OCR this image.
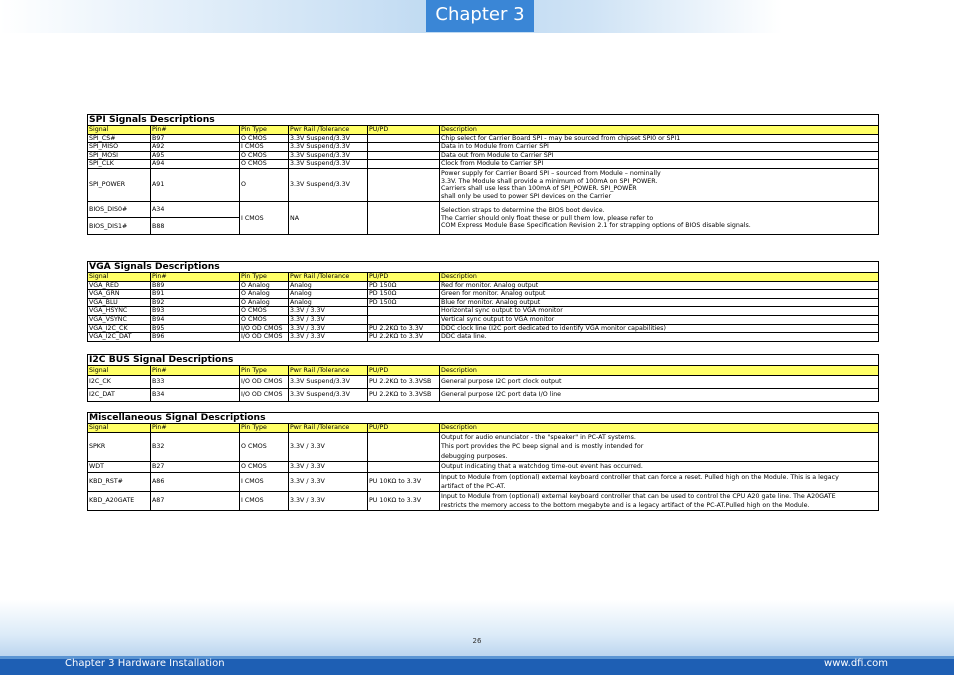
Chapter 3
SPI Signals Descriptions					
Signal	Pin#	Pin Type	Pwr Rail /Tolerance	PU/PD	Description
SPI_CS#	B97	O CMOS	3.3V Suspend/3.3V		Chip select for Carrier Board SPI - may be sourced from chipset SPI0 or SPI1
SPI_MISO	A92	I CMOS	3.3V Suspend/3.3V		Data in to Module from Carrier SPI
SPI_MOSI	A95	O CMOS	3.3V Suspend/3.3V		Data out from Module to Carrier SPI
SPI_CLK	A94	O CMOS	3.3V Suspend/3.3V		Clock from Module to Carrier SPI
SPI_POWER	A91	O	3.3V Suspend/3.3V		Power supply for Carrier Board SPI – sourced from Module – nominally
3.3V. The Module shall provide a minimum of 100mA on SPI_POWER.
Carriers shall use less than 100mA of SPI_POWER. SPI_POWER
shall only be used to power SPI devices on the Carrier

BIOS_DIS0#	A34	I CMOS	NA		Selection straps to determine the BIOS boot device.
The Carrier should only float these or pull them low, please refer to
COM Express Module Base Specification Revision 2.1 for strapping options of BIOS disable signals.

BIOS_DIS1#	B88				
VGA Signals Descriptions					
Signal	Pin#	Pin Type	Pwr Rail /Tolerance	PU/PD	Description
VGA_RED	B89	O Analog	Analog	PD 150Ω	Red for monitor. Analog output
VGA_GRN	B91	O Analog	Analog	PD 150Ω	Green for monitor. Analog output
VGA_BLU	B92	O Analog	Analog	PD 150Ω	Blue for monitor. Analog output
VGA_HSYNC	B93	O CMOS	3.3V / 3.3V		Horizontal sync output to VGA monitor
VGA_VSYNC	B94	O CMOS	3.3V / 3.3V		Vertical sync output to VGA monitor
VGA_I2C_CK	B95	I/O OD CMOS	3.3V / 3.3V	PU 2.2KΩ to 3.3V	DDC clock line (I2C port dedicated to identify VGA monitor capabilities)
VGA_I2C_DAT	B96	I/O OD CMOS	3.3V / 3.3V	PU 2.2KΩ to 3.3V	DDC data line.
I2C BUS Signal Descriptions					
Signal	Pin#	Pin Type	Pwr Rail /Tolerance	PU/PD	Description
I2C_CK	B33	I/O OD CMOS	3.3V Suspend/3.3V	PU 2.2KΩ to 3.3VSB	General purpose I2C port clock output
I2C_DAT	B34	I/O OD CMOS	3.3V Suspend/3.3V	PU 2.2KΩ to 3.3VSB	General purpose I2C port data I/O line
Miscellaneous Signal Descriptions					
Signal	Pin#	Pin Type	Pwr Rail /Tolerance	PU/PD	Description
SPKR	B32	O CMOS	3.3V / 3.3V		Output for audio enunciator - the "speaker" in PC-AT systems.
This port provides the PC beep signal and is mostly intended for
debugging purposes.

WDT	B27	O CMOS	3.3V / 3.3V		Output indicating that a watchdog time-out event has occurred.
KBD_RST#	A86	I CMOS	3.3V / 3.3V	PU 10KΩ to 3.3V	Input to Module from (optional) external keyboard controller that can force a reset. Pulled high on the Module. This is a legacy
artifact of the PC-AT.

KBD_A20GATE	A87	I CMOS	3.3V / 3.3V	PU 10KΩ to 3.3V	Input to Module from (optional) external keyboard controller that can be used to control the CPU A20 gate line. The A20GATE
restricts the memory access to the bottom megabyte and is a legacy artifact of the PC-AT.Pulled high on the Module.
26
Chapter 3 Hardware Installation	www.dfi.com
